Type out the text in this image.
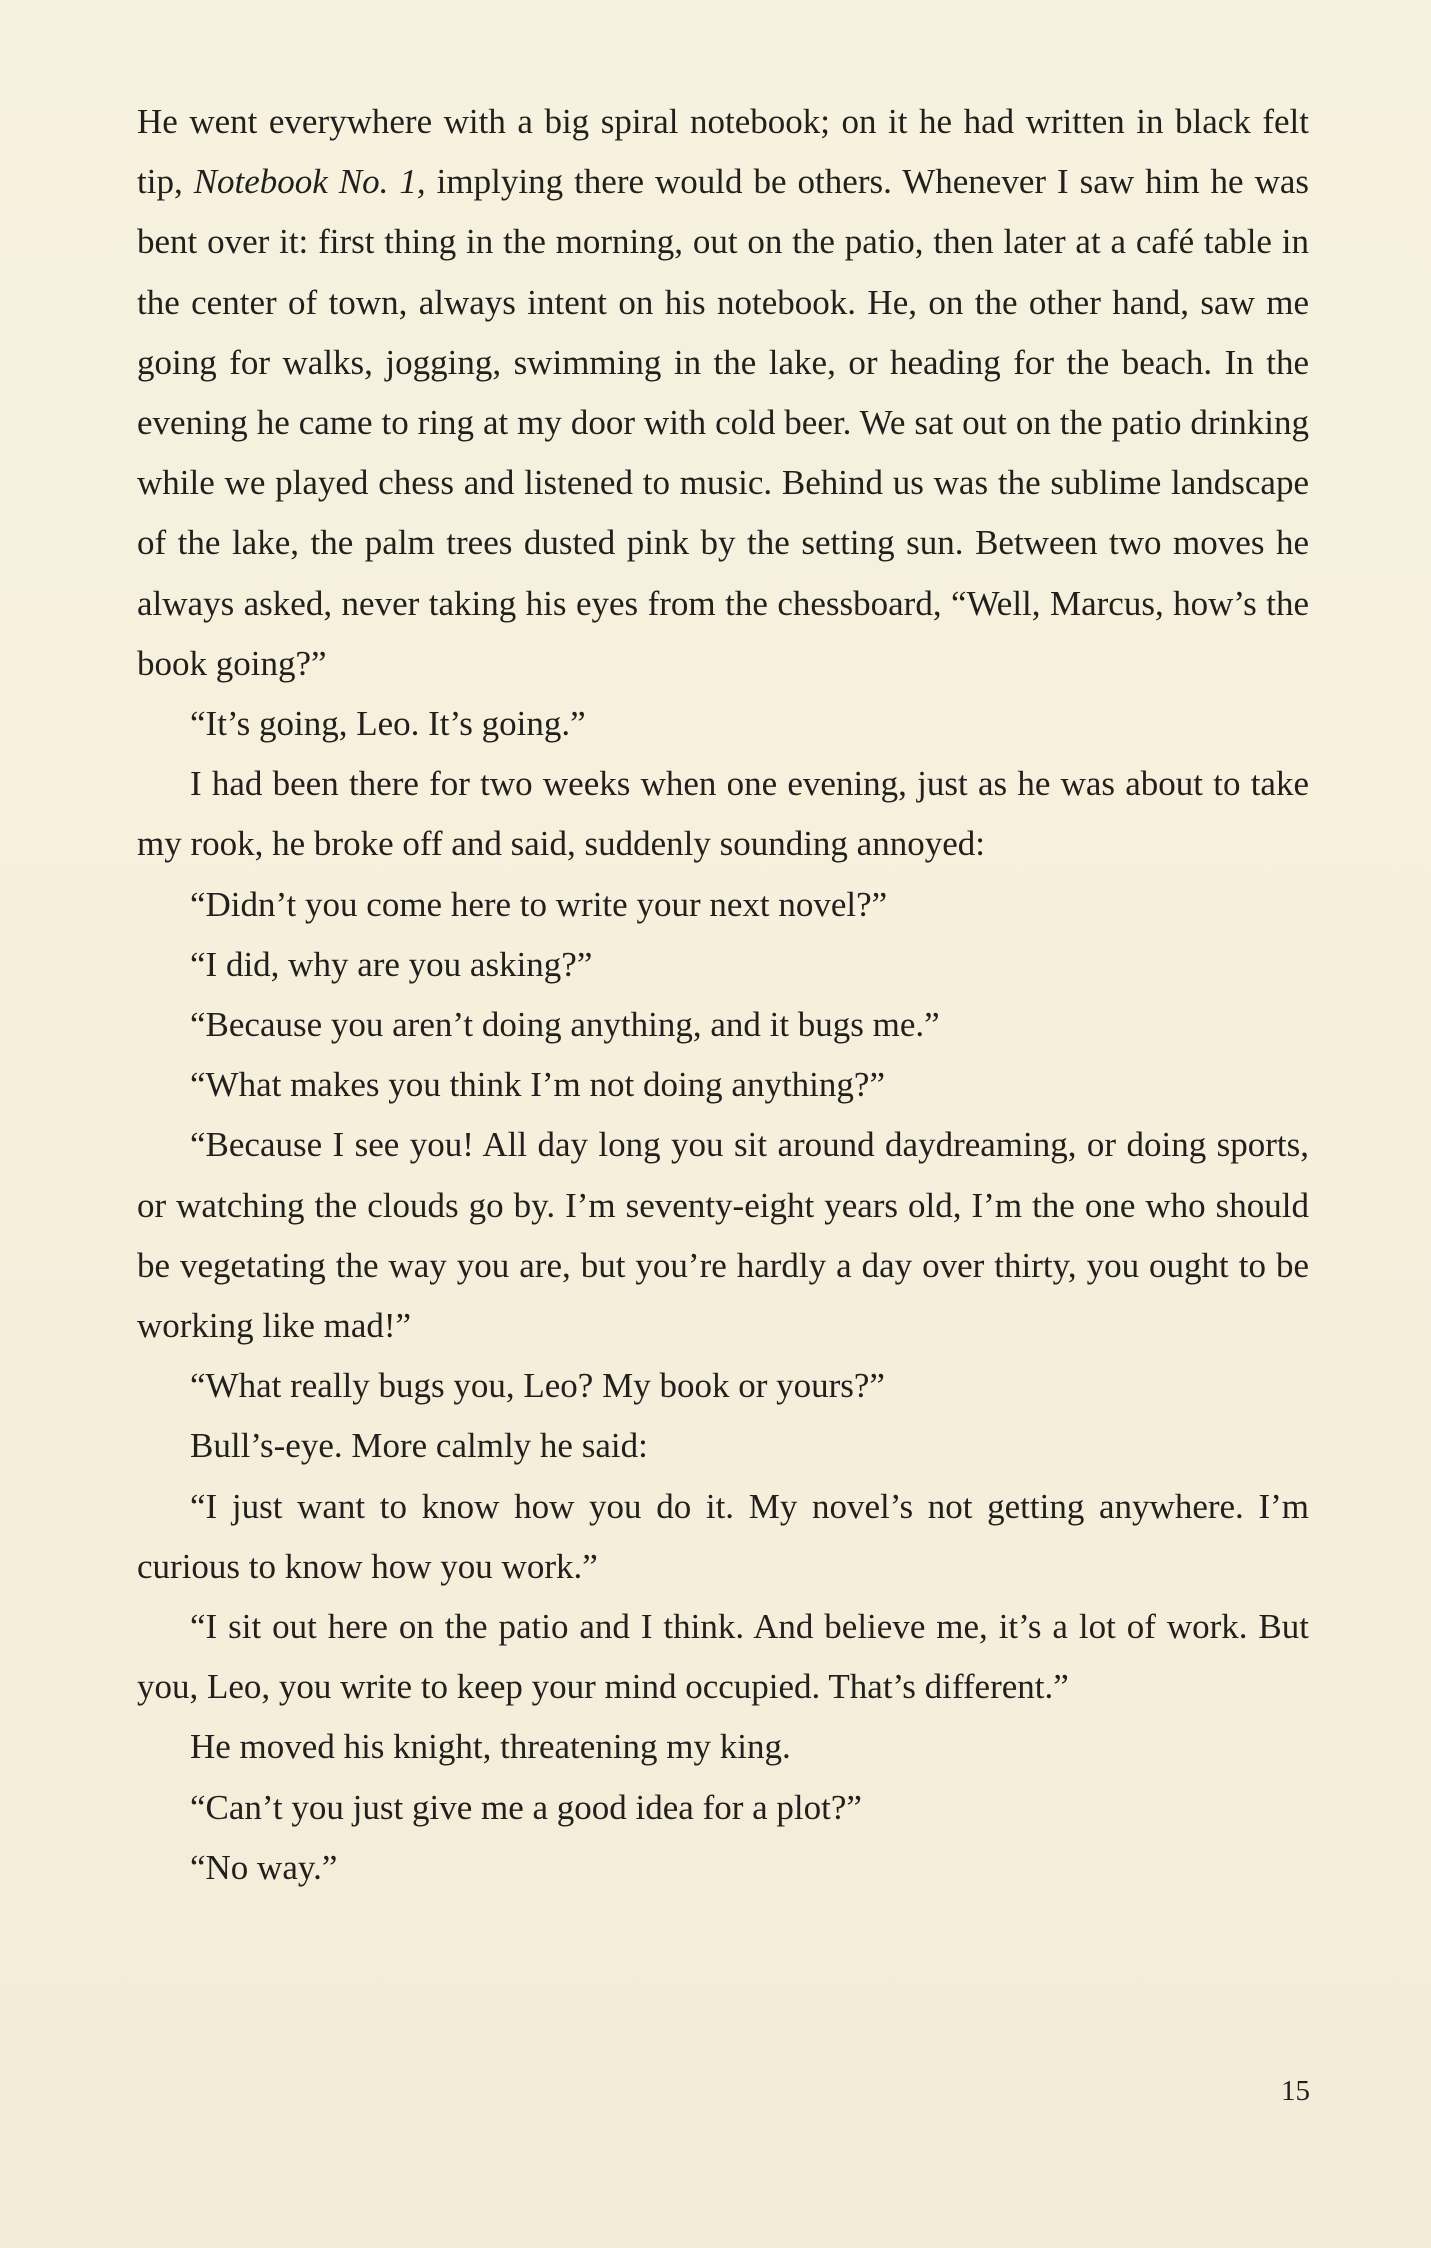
He went everywhere with a big spiral notebook; on it he had written in black felt tip, Notebook No. 1, implying there would be others. Whenever I saw him he was bent over it: first thing in the morning, out on the patio, then later at a café table in the center of town, always intent on his notebook. He, on the other hand, saw me going for walks, jogging, swimming in the lake, or heading for the beach. In the evening he came to ring at my door with cold beer. We sat out on the patio drinking while we played chess and listened to music. Behind us was the sublime landscape of the lake, the palm trees dusted pink by the setting sun. Between two moves he always asked, never taking his eyes from the chessboard, “Well, Marcus, how’s the book going?”

“It’s going, Leo. It’s going.”

I had been there for two weeks when one evening, just as he was about to take my rook, he broke off and said, suddenly sounding annoyed:

“Didn’t you come here to write your next novel?”

“I did, why are you asking?”

“Because you aren’t doing anything, and it bugs me.”

“What makes you think I’m not doing anything?”

“Because I see you! All day long you sit around daydreaming, or doing sports, or watching the clouds go by. I’m seventy-eight years old, I’m the one who should be vegetating the way you are, but you’re hardly a day over thirty, you ought to be working like mad!”

“What really bugs you, Leo? My book or yours?”

Bull’s-eye. More calmly he said:

“I just want to know how you do it. My novel’s not getting anywhere. I’m curious to know how you work.”

“I sit out here on the patio and I think. And believe me, it’s a lot of work. But you, Leo, you write to keep your mind occupied. That’s different.”

He moved his knight, threatening my king.

“Can’t you just give me a good idea for a plot?”

“No way.”

15
